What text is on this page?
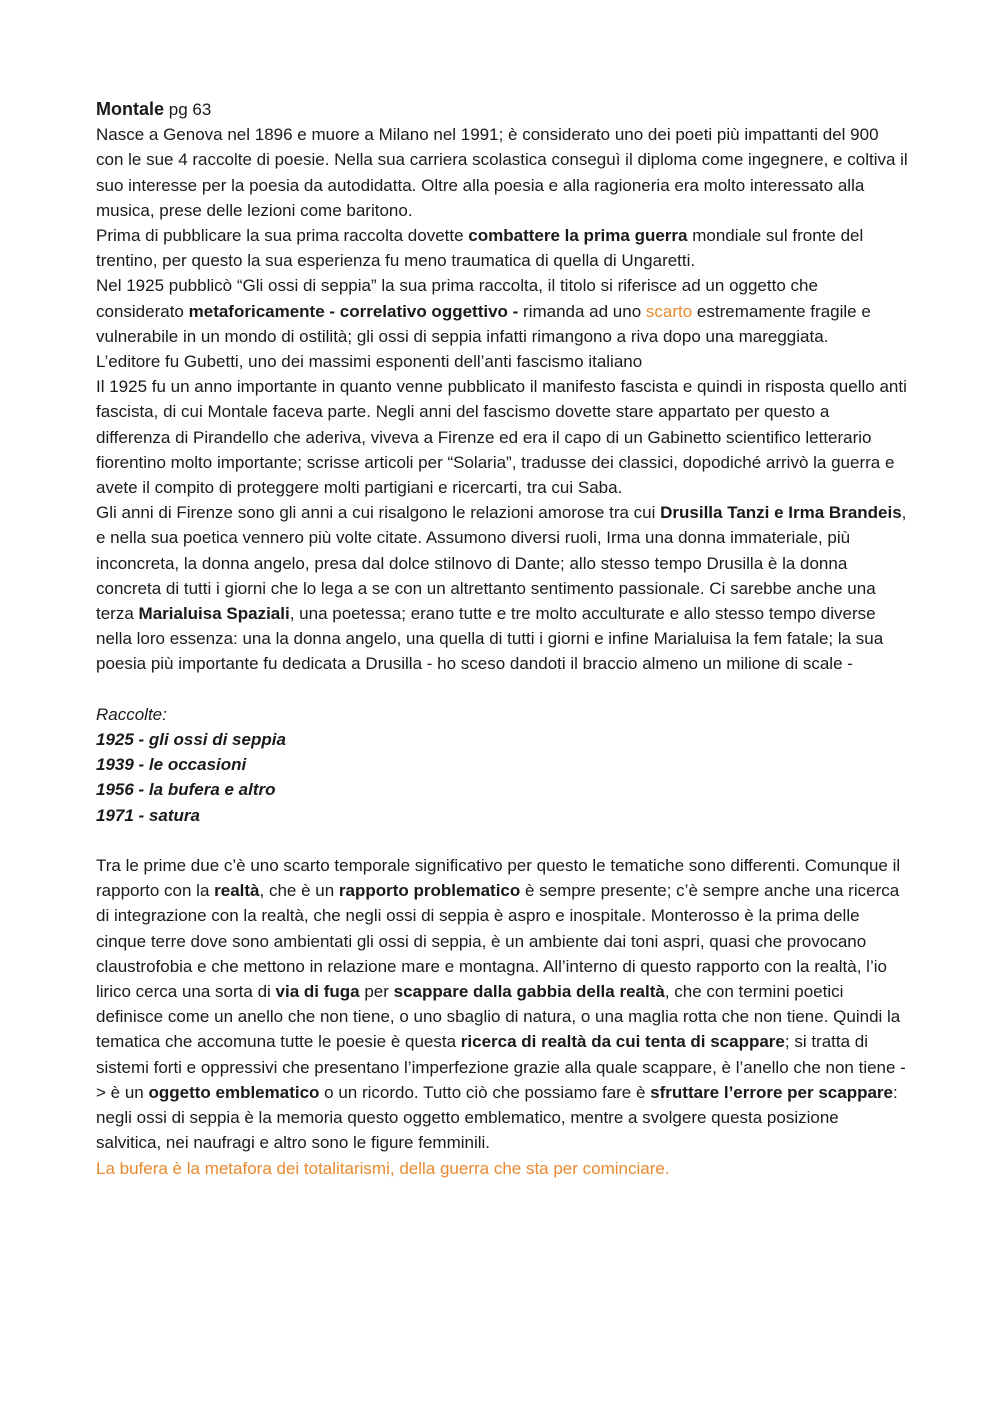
Montale pg 63

Nasce a Genova nel 1896 e muore a Milano nel 1991; è considerato uno dei poeti più impattanti del 900 con le sue 4 raccolte di poesie. Nella sua carriera scolastica conseguì il diploma come ingegnere, e coltiva il suo interesse per la poesia da autodidatta. Oltre alla poesia e alla ragioneria era molto interessato alla musica, prese delle lezioni come baritono.

Prima di pubblicare la sua prima raccolta dovette combattere la prima guerra mondiale sul fronte del trentino, per questo la sua esperienza fu meno traumatica di quella di Ungaretti.

Nel 1925 pubblicò “Gli ossi di seppia” la sua prima raccolta, il titolo si riferisce ad un oggetto che considerato metaforicamente - correlativo oggettivo - rimanda ad uno scarto estremamente fragile e vulnerabile in un mondo di ostilità; gli ossi di seppia infatti rimangono a riva dopo una mareggiata.

L’editore fu Gubetti, uno dei massimi esponenti dell’anti fascismo italiano

Il 1925 fu un anno importante in quanto venne pubblicato il manifesto fascista e quindi in risposta quello anti fascista, di cui Montale faceva parte. Negli anni del fascismo dovette stare appartato per questo a differenza di Pirandello che aderiva, viveva a Firenze ed era il capo di un Gabinetto scientifico letterario fiorentino molto importante; scrisse articoli per “Solaria”, tradusse dei classici, dopodiché arrivò la guerra e avete il compito di proteggere molti partigiani e ricercarti, tra cui Saba.

Gli anni di Firenze sono gli anni a cui risalgono le relazioni amorose tra cui Drusilla Tanzi e Irma Brandeis, e nella sua poetica vennero più volte citate. Assumono diversi ruoli, Irma una donna immateriale, più inconcreta, la donna angelo, presa dal dolce stilnovo di Dante; allo stesso tempo Drusilla è la donna concreta di tutti i giorni che lo lega a se con un altrettanto sentimento passionale. Ci sarebbe anche una terza Marialuisa Spaziali, una poetessa; erano tutte e tre molto acculturate e allo stesso tempo diverse nella loro essenza: una la donna angelo, una quella di tutti i giorni e infine Marialuisa la fem fatale; la sua poesia più importante fu dedicata a Drusilla - ho sceso dandoti il braccio almeno un milione di scale -

Raccolte:

1925 - gli ossi di seppia

1939 - le occasioni

1956 - la bufera e altro

1971 - satura

Tra le prime due c’è uno scarto temporale significativo per questo le tematiche sono differenti. Comunque il rapporto con la realtà, che è un rapporto problematico è sempre presente; c’è sempre anche una ricerca di integrazione con la realtà, che negli ossi di seppia è aspro e inospitale. Monterosso è la prima delle cinque terre dove sono ambientati gli ossi di seppia, è un ambiente dai toni aspri, quasi che provocano claustrofobia e che mettono in relazione mare e montagna. All’interno di questo rapporto con la realtà, l’io lirico cerca una sorta di via di fuga per scappare dalla gabbia della realtà, che con termini poetici definisce come un anello che non tiene, o uno sbaglio di natura, o una maglia rotta che non tiene. Quindi la tematica che accomuna tutte le poesie è questa ricerca di realtà da cui tenta di scappare; si tratta di sistemi forti e oppressivi che presentano l’imperfezione grazie alla quale scappare, è l’anello che non tiene -> è un oggetto emblematico o un ricordo. Tutto ciò che possiamo fare è sfruttare l’errore per scappare: negli ossi di seppia è la memoria questo oggetto emblematico, mentre a svolgere questa posizione salvitica, nei naufragi e altro sono le figure femminili.

La bufera è la metafora dei totalitarismi, della guerra che sta per cominciare.
